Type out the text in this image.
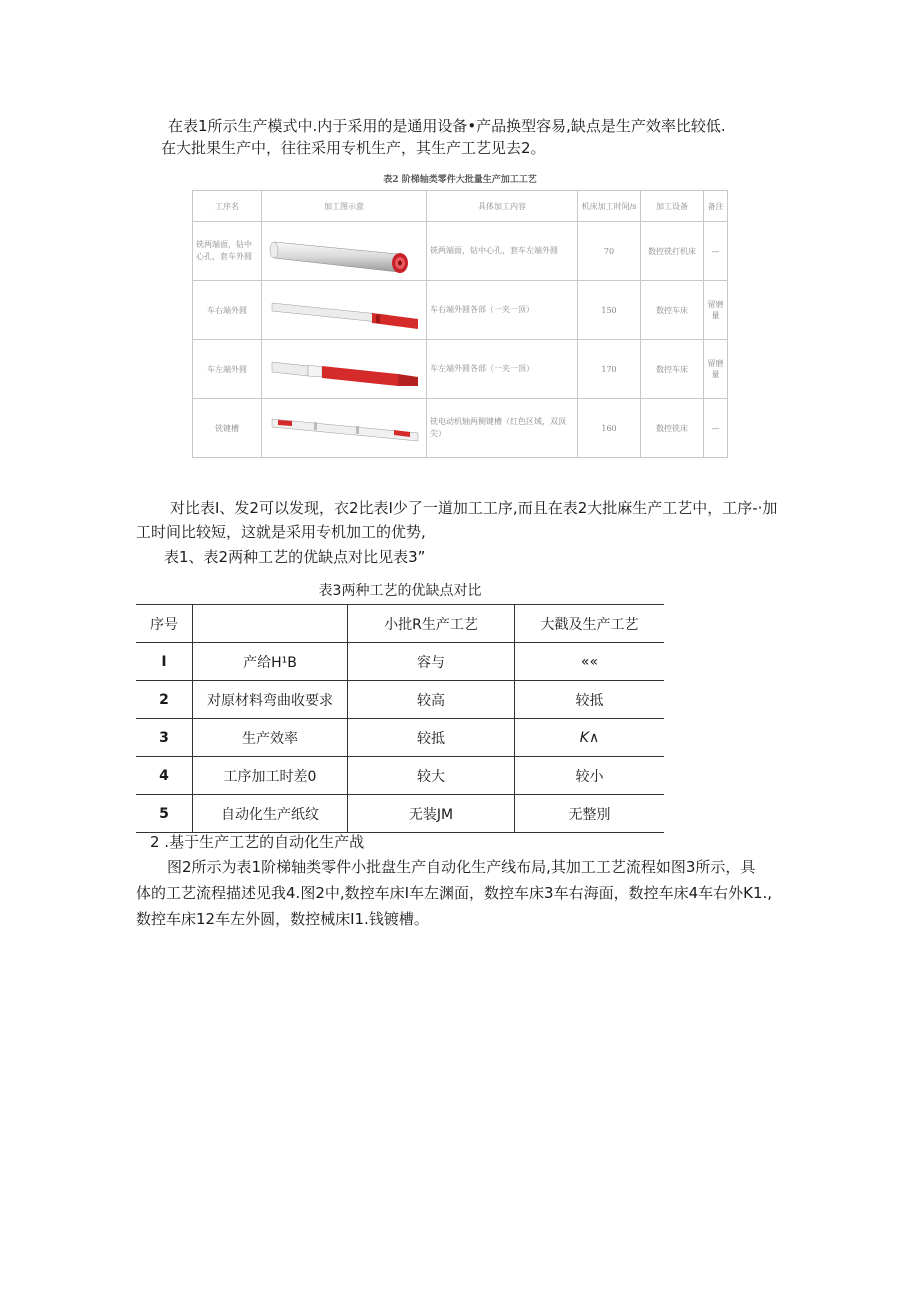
在表1所示生产模式中.内于采用的是通用设备•产品换型容易,缺点是生产效率比较低.
在大批果生产中，往往采用专机生产，其生产工艺见去2。
表2 阶梯轴类零件大批量生产加工工艺
工序名	加工图示意	具体加工内容	机床加工时间/s	加工设备	备注
铣两端面，钻中心孔，套车外圆		铣两端面，钻中心孔，套车左端外圆	70	数控铣打机床	—
车右端外圆		车右端外圆各部（一夹一顶）	150	数控车床	留磨量
车左端外圆		车左端外圆各部（一夹一顶）	170	数控车床	留磨量
铣键槽		铣电动机轴两侧键槽（红色区域，双顶尖）	160	数控铣床	—
对比表I、发2可以发现，衣2比表I少了一道加工工序,而且在表2大批麻生产工艺中，工序-·加
工时间比较短，这就是采用专机加工的优势,
表1、表2两种工艺的优缺点对比见表3”
表3两种工艺的优缺点对比
序号		小批R生产工艺	大戳及生产工艺
I	产给H¹B	容与	««
2	对原材料弯曲收要求	较高	较抵
3	生产效率	较抵	K∧
4	工序加工时差0	较大	较小
5	自动化生产纸纹	无装JM	无整別
2 .基于生产工艺的自动化生产战
图2所示为表1阶梯轴类零件小批盘生产自动化生产线布局,其加工工艺流程如图3所示，具
体的工艺流程描述见我4.图2中,数控车床I车左渊面，数控车床3车右海面，数控车床4车右外K1.,
数控车床12车左外圆，数控械床I1.钱镀槽。
